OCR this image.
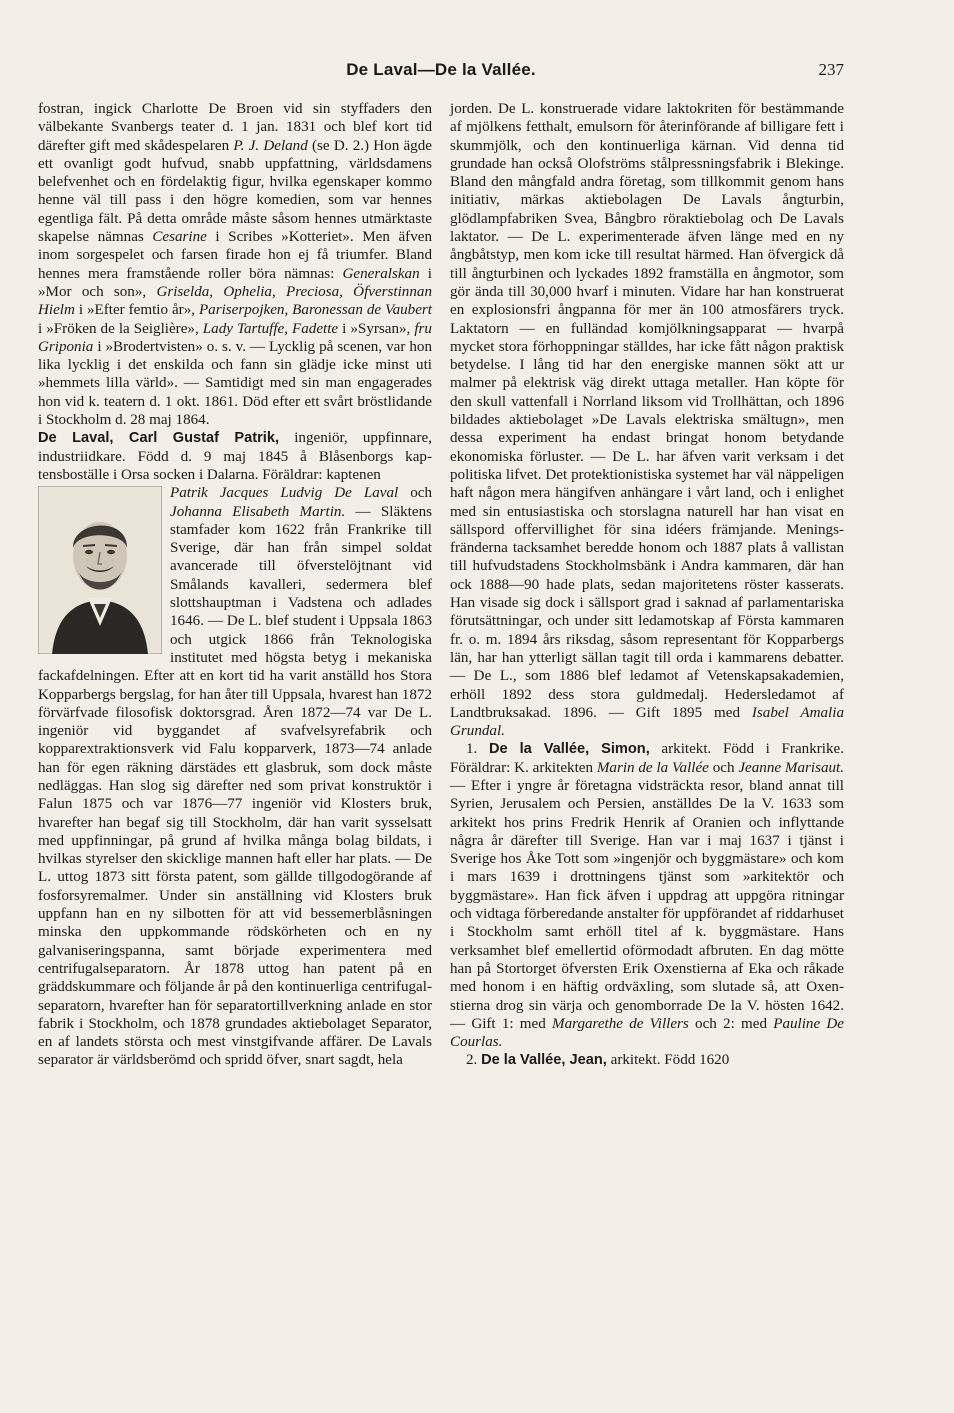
De Laval—De la Vallée.	237

fostran, ingick Charlotte De Broen vid sin styffaders den välbekante Svanbergs teater d. 1 jan. 1831 och blef kort tid därefter gift med skådespelaren P. J. Deland (se D. 2.) Hon ägde ett ovanligt godt hufvud, snabb uppfattning, världsdamens belefvenhet och en fördelaktig figur, hvilka egenskaper kommo henne väl till pass i den högre komedien, som var hennes egentliga fält. På detta område måste såsom hennes utmärktaste skapelse nämnas Cesarine i Scribes »Kotteriet». Men äfven inom sorgespelet och farsen firade hon ej få triumfer. Bland hennes mera framstående roller böra nämnas: Generalskan i »Mor och son», Griselda, Ophelia, Preciosa, Öfverstinnan Hielm i »Efter femtio år», Pariserpojken, Baronessan de Vaubert i »Fröken de la Seiglière», Lady Tartuffe, Fadette i »Syrsan», fru Griponia i »Brodertvisten» o. s. v. — Lycklig på scenen, var hon lika lycklig i det enskilda och fann sin glädje icke minst uti »hemmets lilla värld». — Samtidigt med sin man engagerades hon vid k. teatern d. 1 okt. 1861. Död efter ett svårt bröstlidande i Stockholm d. 28 maj 1864.

De Laval, Carl Gustaf Patrik, ingeniör, uppfinnare, industriidkare. Född d. 9 maj 1845 å Blåsenborgs kaptensboställe i Orsa socken i Dalarna. Föräldrar: kaptenen

Patrik Jacques Ludvig De Laval och Johanna Elisabeth Martin. — Släktens stamfader kom 1622 från Frankrike till Sverige, där han från simpel soldat avancerade till öfverstelöjtnant vid Smålands kavalleri, sedermera blef slottshauptman i Vadstena och adlades 1646. — De L. blef student i Uppsala 1863 och utgick 1866 från Teknologiska institutet med högsta betyg i mekaniska fackafdelningen. Efter att en kort tid ha varit anställd hos Stora Kopparbergs bergslag, for han åter till Uppsala, hvarest han 1872 förvärfvade filosofisk doktorsgrad. Åren 1872—74 var De L. ingeniör vid byggandet af svafvelsyrefabrik och kopparextraktionsverk vid Falu kopparverk, 1873—74 anlade han för egen räkning därstädes ett glasbruk, som dock måste nedläggas. Han slog sig därefter ned som privat konstruktör i Falun 1875 och var 1876—77 ingeniör vid Klosters bruk, hvarefter han begaf sig till Stockholm, där han varit sysselsatt med uppfinningar, på grund af hvilka många bolag bildats, i hvilkas styrelser den skicklige mannen haft eller har plats. — De L. uttog 1873 sitt första patent, som gällde tillgodogörande af fosforsyremalmer. Under sin anställning vid Klosters bruk uppfann han en ny silbotten för att vid bessemerblåsningen minska den uppkommande rödskörheten och en ny galvaniseringspanna, samt började experimentera med centrifugalseparatorn. År 1878 uttog han patent på en gräddskummare och följande år på den kontinuerliga centrifugalseparatorn, hvarefter han för separatortillverkning anlade en stor fabrik i Stockholm, och 1878 grundades aktiebolaget Separator, en af landets största och mest vinstgifvande affärer. De Lavals separator är världsberömd och spridd öfver, snart sagdt, hela

jorden. De L. konstruerade vidare laktokriten för bestämmande af mjölkens fetthalt, emulsorn för återinförande af billigare fett i skummjölk, och den kontinuerliga kärnan. Vid denna tid grundade han också Olofströms stålpressningsfabrik i Blekinge. Bland den mångfald andra företag, som tillkommit genom hans initiativ, märkas aktiebolagen De Lavals ångturbin, glödlampfabriken Svea, Bångbro röraktiebolag och De Lavals laktator. — De L. experimenterade äfven länge med en ny ångbåtstyp, men kom icke till resultat härmed. Han öfvergick då till ångturbinen och lyckades 1892 framställa en ångmotor, som gör ända till 30,000 hvarf i minuten. Vidare har han konstruerat en explosionsfri ångpanna för mer än 100 atmosfärers tryck. Laktatorn — en fulländad komjölkningsapparat — hvarpå mycket stora förhoppningar ställdes, har icke fått någon praktisk betydelse. I lång tid har den energiske mannen sökt att ur malmer på elektrisk väg direkt uttaga metaller. Han köpte för den skull vattenfall i Norrland liksom vid Trollhättan, och 1896 bildades aktiebolaget »De Lavals elektriska smältugn», men dessa experiment ha endast bringat honom betydande ekonomiska förluster. — De L. har äfven varit verksam i det politiska lifvet. Det protektionistiska systemet har väl näppeligen haft någon mera hängifven anhängare i vårt land, och i enlighet med sin entusiastiska och storslagna naturell har han visat en sällspord offervillighet för sina idéers främjande. Meningsfränderna tacksamhet beredde honom och 1887 plats å vallistan till hufvudstadens Stockholmsbänk i Andra kammaren, där han ock 1888—90 hade plats, sedan majoritetens röster kasserats. Han visade sig dock i sällsport grad i saknad af parlamentariska förutsättningar, och under sitt ledamotskap af Första kammaren fr. o. m. 1894 års riksdag, såsom representant för Kopparbergs län, har han ytterligt sällan tagit till orda i kammarens debatter. — De L., som 1886 blef ledamot af Vetenskapsakademien, erhöll 1892 dess stora guldmedalj. Hedersledamot af Landtbruksakad. 1896. — Gift 1895 med Isabel Amalia Grundal.

1. De la Vallée, Simon, arkitekt. Född i Frankrike. Föräldrar: K. arkitekten Marin de la Vallée och Jeanne Marisaut. — Efter i yngre år företagna vidsträckta resor, bland annat till Syrien, Jerusalem och Persien, anställdes De la V. 1633 som arkitekt hos prins Fredrik Henrik af Oranien och inflyttande några år därefter till Sverige. Han var i maj 1637 i tjänst i Sverige hos Åke Tott som »ingenjör och byggmästare» och kom i mars 1639 i drottningens tjänst som »arkitektör och byggmästare». Han fick äfven i uppdrag att uppgöra ritningar och vidtaga förberedande anstalter för uppförandet af riddarhuset i Stockholm samt erhöll titel af k. byggmästare. Hans verksamhet blef emellertid oförmodadt afbruten. En dag mötte han på Stortorget öfversten Erik Oxenstierna af Eka och råkade med honom i en häftig ordväxling, som slutade så, att Oxenstierna drog sin värja och genomborrade De la V. hösten 1642. — Gift 1: med Margarethe de Villers och 2: med Pauline De Courlas.

2. De la Vallée, Jean, arkitekt. Född 1620
